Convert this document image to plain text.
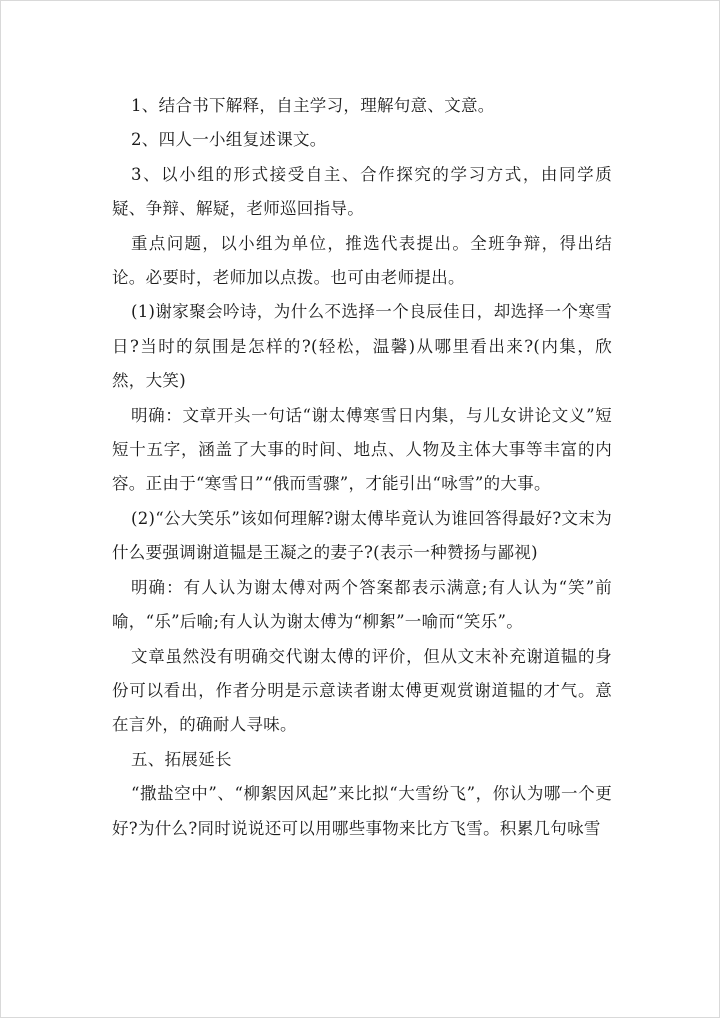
1、结合书下解释，自主学习，理解句意、文意。

2、四人一小组复述课文。

3、以小组的形式接受自主、合作探究的学习方式，由同学质疑、争辩、解疑，老师巡回指导。

重点问题，以小组为单位，推选代表提出。全班争辩，得出结论。必要时，老师加以点拨。也可由老师提出。

(1)谢家聚会吟诗，为什么不选择一个良辰佳日，却选择一个寒雪日?当时的氛围是怎样的?(轻松，温馨)从哪里看出来?(内集，欣然，大笑)

明确：文章开头一句话“谢太傅寒雪日内集，与儿女讲论文义”短短十五字，涵盖了大事的时间、地点、人物及主体大事等丰富的内容。正由于“寒雪日”“俄而雪骤”，才能引出“咏雪”的大事。

(2)“公大笑乐”该如何理解?谢太傅毕竟认为谁回答得最好?文末为什么要强调谢道韫是王凝之的妻子?(表示一种赞扬与鄙视)

明确：有人认为谢太傅对两个答案都表示满意;有人认为“笑”前喻，“乐”后喻;有人认为谢太傅为“柳絮”一喻而“笑乐”。

文章虽然没有明确交代谢太傅的评价，但从文末补充谢道韫的身份可以看出，作者分明是示意读者谢太傅更观赏谢道韫的才气。意在言外，的确耐人寻味。

五、拓展延长

“撒盐空中”、“柳絮因风起”来比拟“大雪纷飞”，你认为哪一个更好?为什么?同时说说还可以用哪些事物来比方飞雪。积累几句咏雪
